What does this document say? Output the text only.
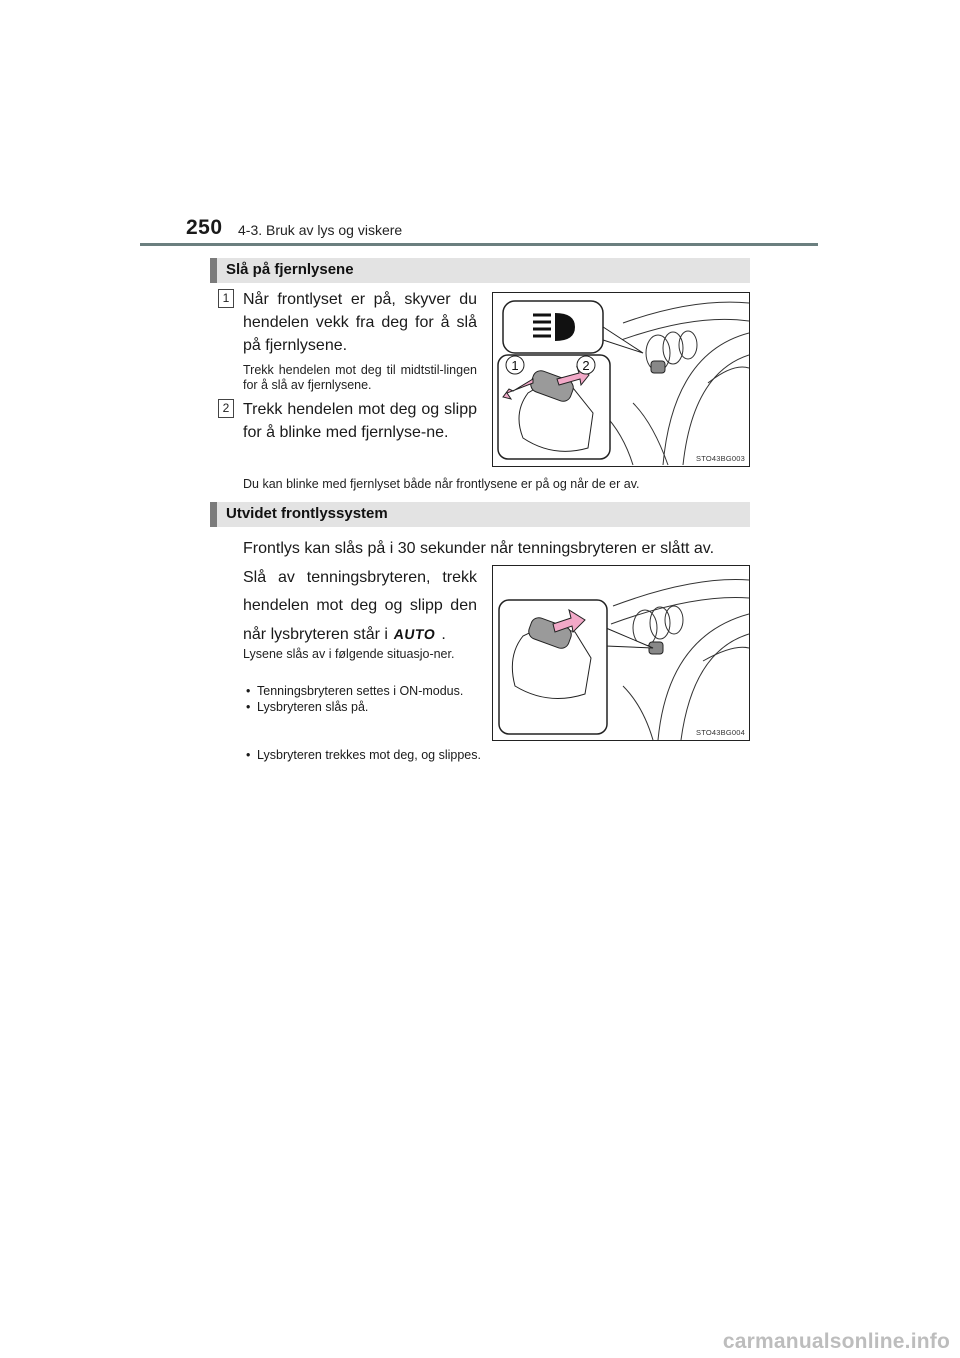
250 4-3. Bruk av lys og viskere
Slå på fjernlysene
1 Når frontlyset er på, skyver du hendelen vekk fra deg for å slå på fjernlysene.
Trekk hendelen mot deg til midtstil-lingen for å slå av fjernlysene.
2 Trekk hendelen mot deg og slipp for å blinke med fjernlyse-ne.
Du kan blinke med fjernlyset både når frontlysene er på og når de er av.
1	2
STO43BG003
Utvidet frontlyssystem
Frontlys kan slås på i 30 sekunder når tenningsbryteren er slått av.
Slå av tenningsbryteren, trekk hendelen mot deg og slipp den når lysbryteren står i AUTO .
Lysene slås av i følgende situasjo-ner.
• Tenningsbryteren settes i ON-modus.
• Lysbryteren slås på.
• Lysbryteren trekkes mot deg, og slippes.
STO43BG004
carmanualsonline.info
